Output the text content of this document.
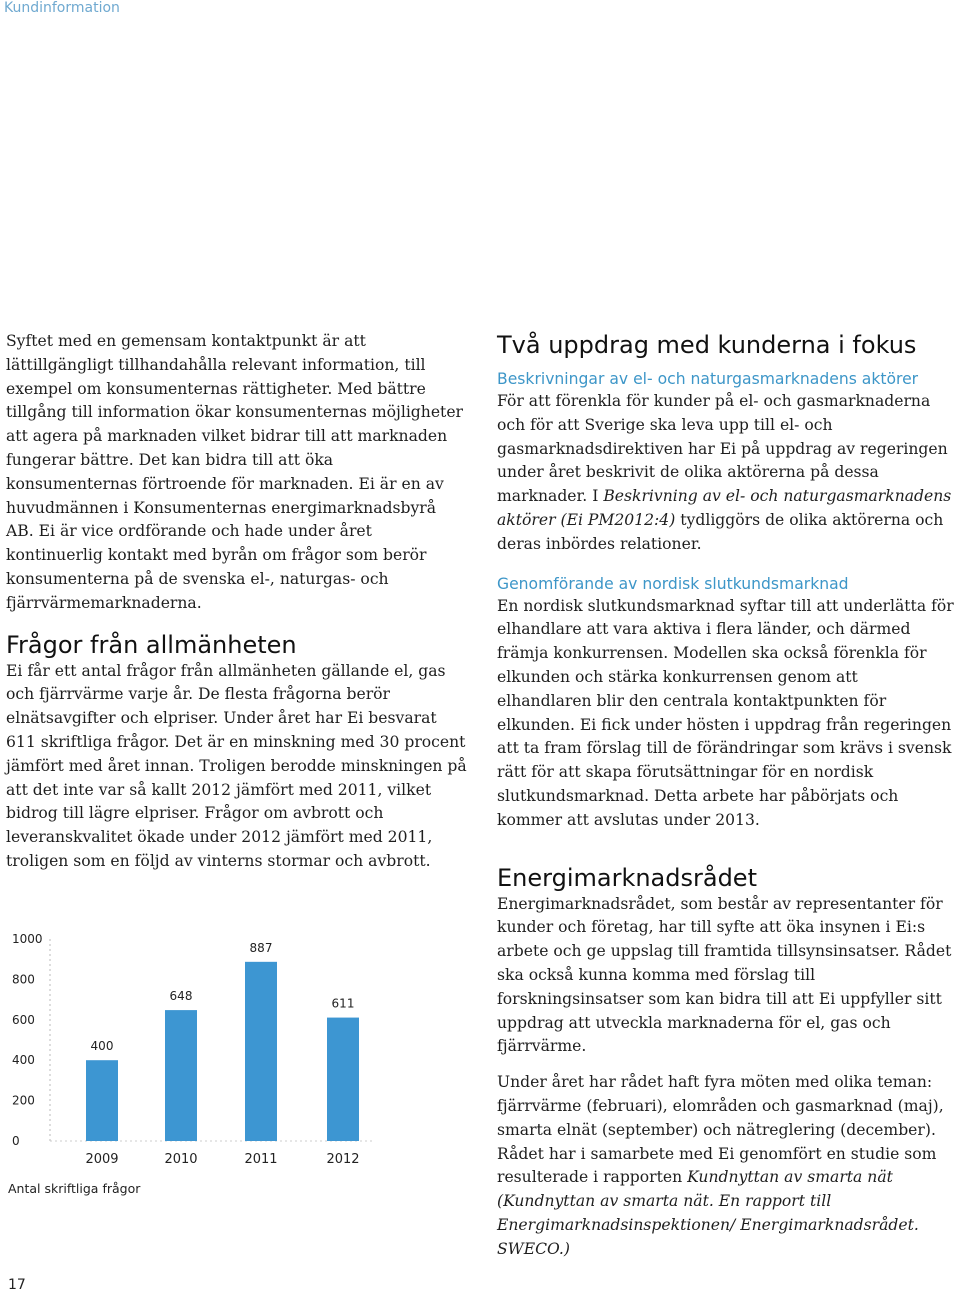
Kundinformation

Syftet med en gemensam kontaktpunkt är att lättillgängligt tillhandahålla relevant information, till exempel om konsumenternas rättigheter. Med bättre tillgång till information ökar konsumenternas möjligheter att agera på marknaden vilket bidrar till att marknaden fungerar bättre. Det kan bidra till att öka konsumenternas förtroende för marknaden. Ei är en av huvudmännen i Konsumenternas energimarknadsbyrå AB. Ei är vice ordförande och hade under året kontinuerlig kontakt med byrån om frågor som berör konsumenterna på de svenska el-, naturgas- och fjärrvärmemarknaderna.

Frågor från allmänheten

Ei får ett antal frågor från allmänheten gällande el, gas och fjärrvärme varje år. De flesta frågorna berör elnätsavgifter och elpriser. Under året har Ei besvarat 611 skriftliga frågor. Det är en minskning med 30 procent jämfört med året innan. Troligen berodde minskningen på att det inte var så kallt 2012 jämfört med 2011, vilket bidrog till lägre elpriser. Frågor om avbrott och leveranskvalitet ökade under 2012 jämfört med 2011, troligen som en följd av vinterns stormar och avbrott.

Två uppdrag med kunderna i fokus
Beskrivningar av el- och naturgasmarknadens aktörer

För att förenkla för kunder på el- och gasmarknaderna och för att Sverige ska leva upp till el- och gasmarknadsdirektiven har Ei på uppdrag av regeringen under året beskrivit de olika aktörerna på dessa marknader. I Beskrivning av el- och naturgasmarknadens aktörer (Ei PM2012:4) tydliggörs de olika aktörerna och deras inbördes relationer.

Genomförande av nordisk slutkundsmarknad

En nordisk slutkundsmarknad syftar till att underlätta för elhandlare att vara aktiva i flera länder, och därmed främja konkurrensen. Modellen ska också förenkla för elkunden och stärka konkurrensen genom att elhandlaren blir den centrala kontaktpunkten för elkunden. Ei fick under hösten i uppdrag från regeringen att ta fram förslag till de förändringar som krävs i svensk rätt för att skapa förutsättningar för en nordisk slutkundsmarknad. Detta arbete har påbörjats och kommer att avslutas under 2013.

Energimarknadsrådet

Energimarknadsrådet, som består av representanter för kunder och företag, har till syfte att öka insynen i Ei:s arbete och ge uppslag till framtida tillsynsinsatser. Rådet ska också kunna komma med förslag till forskningsinsatser som kan bidra till att Ei uppfyller sitt uppdrag att utveckla marknaderna för el, gas och fjärrvärme.

Under året har rådet haft fyra möten med olika teman: fjärrvärme (februari), elområden och gasmarknad (maj), smarta elnät (september) och nätreglering (december). Rådet har i samarbete med Ei genomfört en studie som resulterade i rapporten Kundnyttan av smarta nät (Kundnyttan av smarta nät. En rapport till Energimarknadsinspektionen/ Energimarknadsrådet. SWECO.)

0
200
400
600
800
1000
400
2009
648
2010
887
2011
611
2012
Antal skriftliga frågor
17
